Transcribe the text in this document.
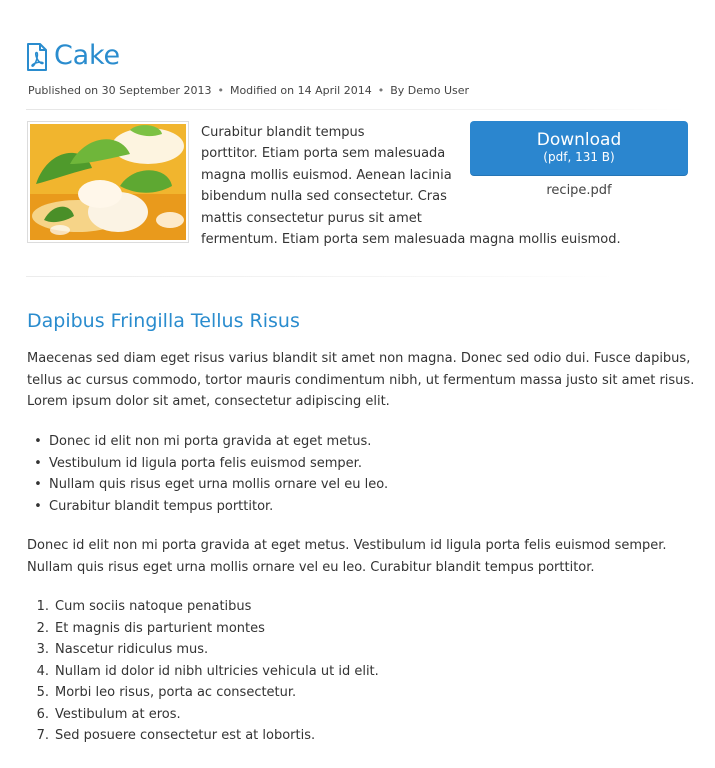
Cake
Published on 30 September 2013 • Modified on 14 April 2014 • By Demo User
Curabitur blandit tempus
porttitor. Etiam porta sem malesuada
magna mollis euismod. Aenean lacinia
bibendum nulla sed consectetur. Cras
mattis consectetur purus sit amet
fermentum. Etiam porta sem malesuada magna mollis euismod.
Download
(pdf, 131 B)
recipe.pdf
Dapibus Fringilla Tellus Risus
Maecenas sed diam eget risus varius blandit sit amet non magna. Donec sed odio dui. Fusce dapibus,
tellus ac cursus commodo, tortor mauris condimentum nibh, ut fermentum massa justo sit amet risus.
Lorem ipsum dolor sit amet, consectetur adipiscing elit.
• Donec id elit non mi porta gravida at eget metus.
• Vestibulum id ligula porta felis euismod semper.
• Nullam quis risus eget urna mollis ornare vel eu leo.
• Curabitur blandit tempus porttitor.
Donec id elit non mi porta gravida at eget metus. Vestibulum id ligula porta felis euismod semper.
Nullam quis risus eget urna mollis ornare vel eu leo. Curabitur blandit tempus porttitor.
1. Cum sociis natoque penatibus
2. Et magnis dis parturient montes
3. Nascetur ridiculus mus.
4. Nullam id dolor id nibh ultricies vehicula ut id elit.
5. Morbi leo risus, porta ac consectetur.
6. Vestibulum at eros.
7. Sed posuere consectetur est at lobortis.
